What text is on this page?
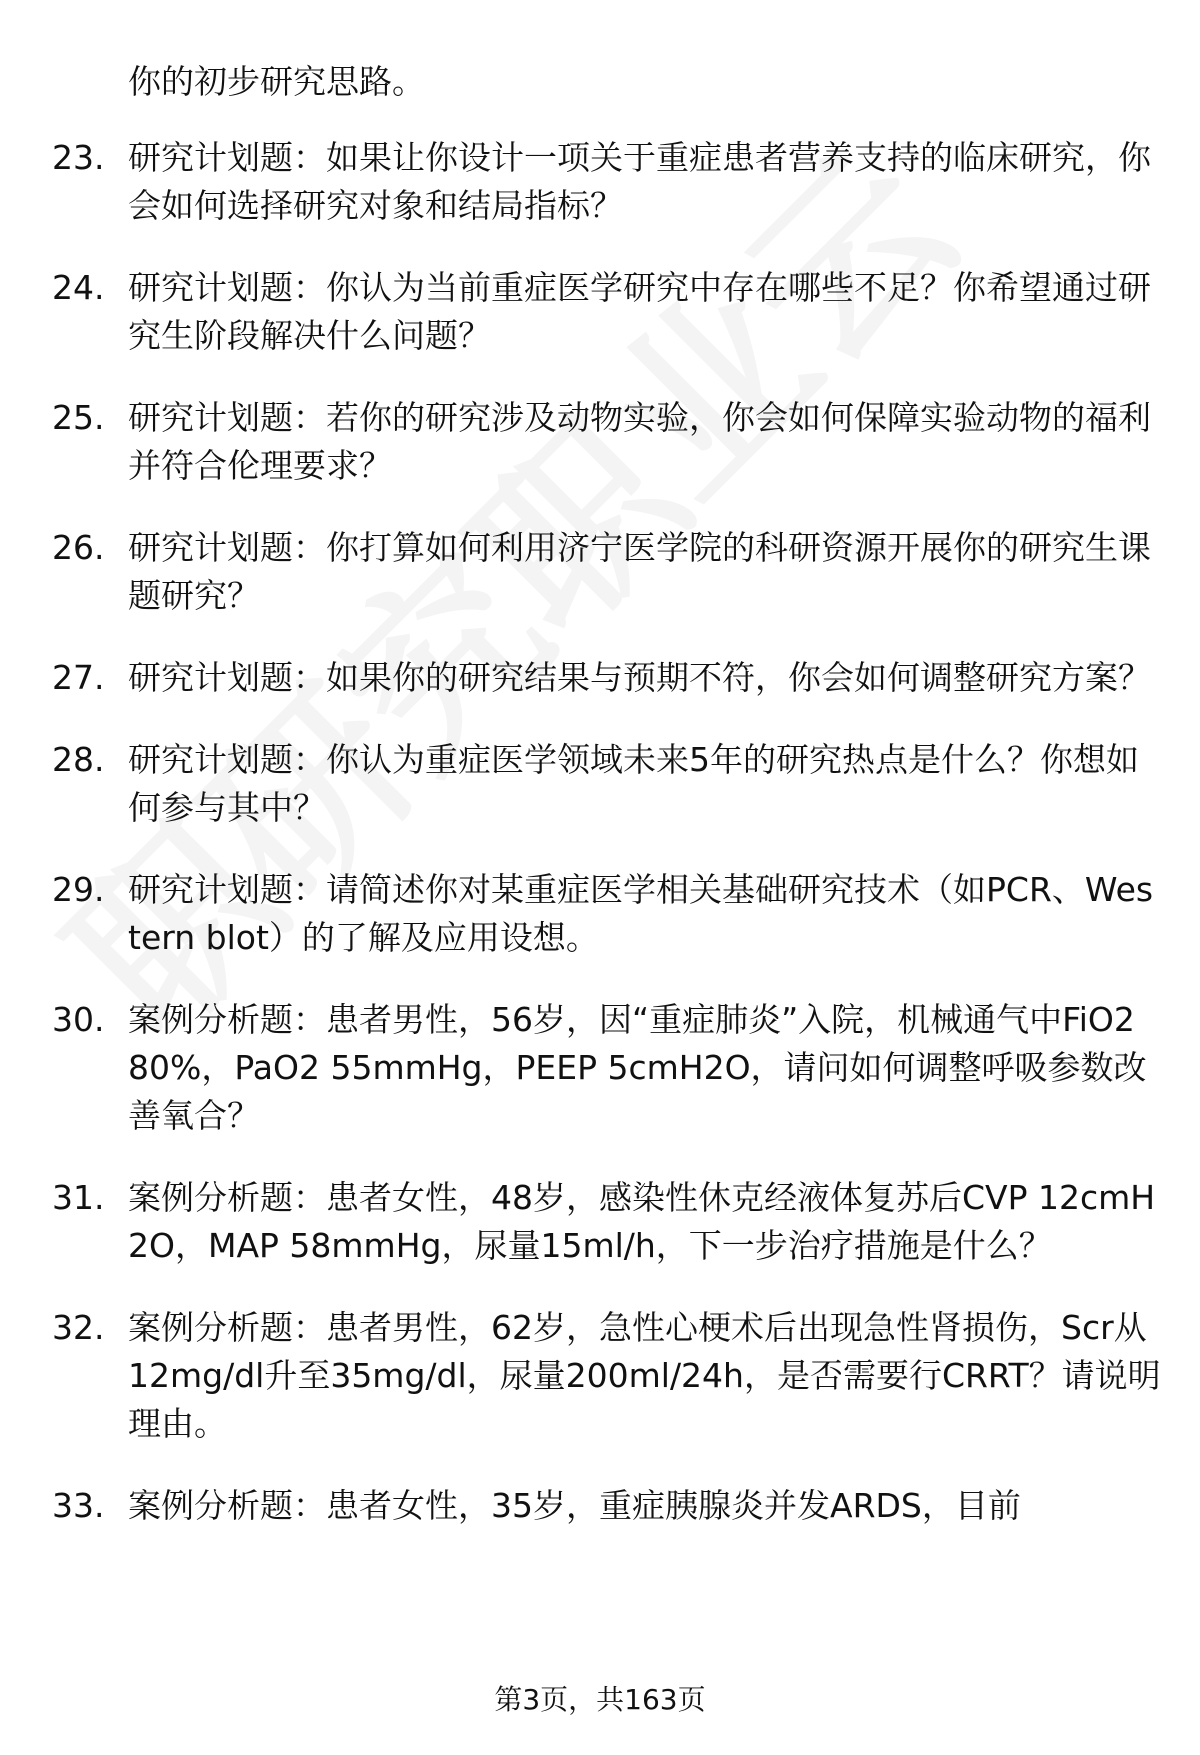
你的初步研究思路。

23. 研究计划题：如果让你设计一项关于重症患者营养支持的临床研究，你会如何选择研究对象和结局指标？
24. 研究计划题：你认为当前重症医学研究中存在哪些不足？你希望通过研究生阶段解决什么问题？
25. 研究计划题：若你的研究涉及动物实验，你会如何保障实验动物的福利并符合伦理要求？
26. 研究计划题：你打算如何利用济宁医学院的科研资源开展你的研究生课题研究？
27. 研究计划题：如果你的研究结果与预期不符，你会如何调整研究方案？
28. 研究计划题：你认为重症医学领域未来5年的研究热点是什么？你想如何参与其中？
29. 研究计划题：请简述你对某重症医学相关基础研究技术（如PCR、Western blot）的了解及应用设想。
30. 案例分析题：患者男性，56岁，因“重症肺炎”入院，机械通气中FiO2 80%，PaO2 55mmHg，PEEP 5cmH2O，请问如何调整呼吸参数改善氧合？
31. 案例分析题：患者女性，48岁，感染性休克经液体复苏后CVP 12cmH2O，MAP 58mmHg，尿量15ml/h，下一步治疗措施是什么？
32. 案例分析题：患者男性，62岁，急性心梗术后出现急性肾损伤，Scr从12mg/dl升至35mg/dl，尿量200ml/24h，是否需要行CRRT？请说明理由。
33. 案例分析题：患者女性，35岁，重症胰腺炎并发ARDS，目前
第3页，共163页
